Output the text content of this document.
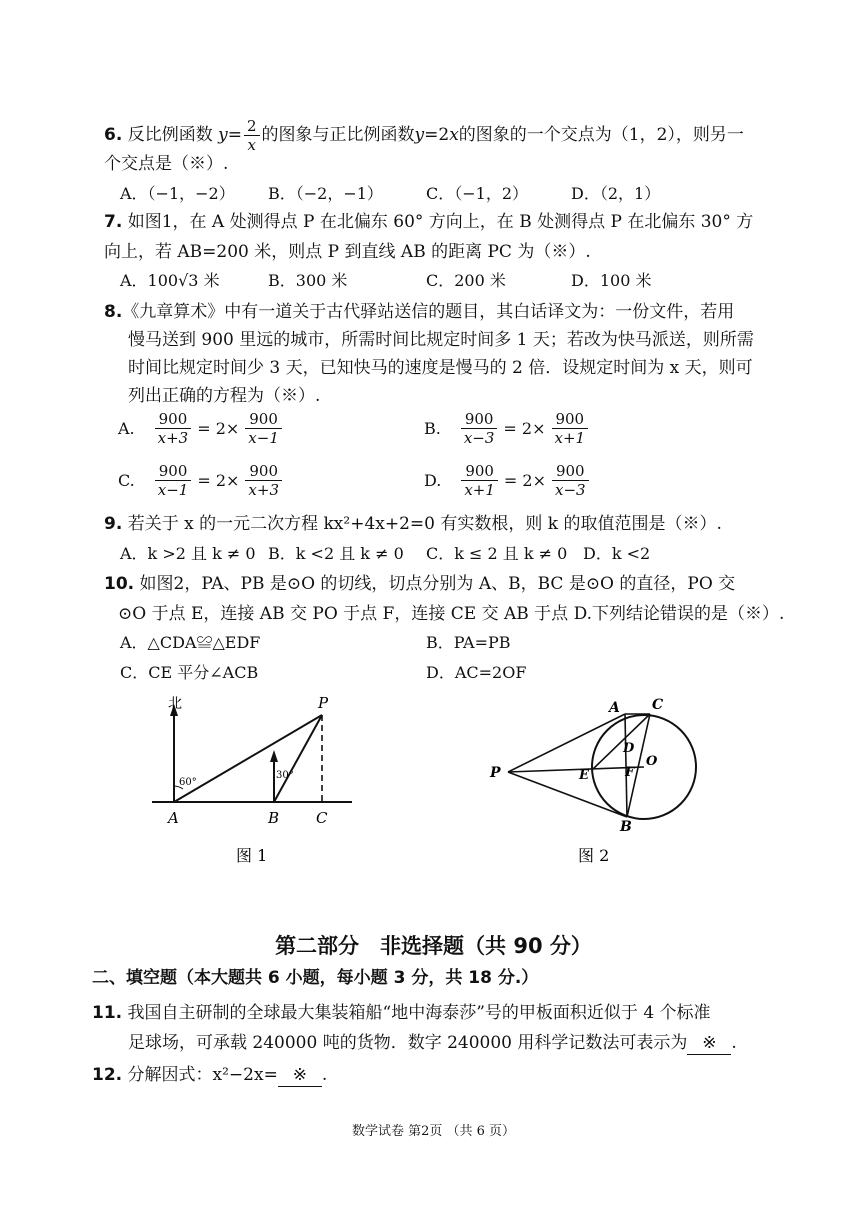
6. 反比例函数 $y= \frac{2}{x}$ 的图象与正比例函数y=2x的图象的一个交点为（1，2），则另一
个交点是（※）.
A．（−1，−2） B．（−2，−1）	C．（−1，2）	D．（2，1）
7. 如图1，在 A 处测得点 P 在北偏东 60° 方向上，在 B 处测得点 P 在北偏东 30° 方
向上，若 AB=200 米，则点 P 到直线 AB 的距离 PC 为（※）.
A．100√3 米	B．300 米	C．200 米	D．100 米
8.《九章算术》中有一道关于古代驿站送信的题目，其白话译文为：一份文件，若用
慢马送到 900 里远的城市，所需时间比规定时间多 1 天；若改为快马派送，则所需
时间比规定时间少 3 天，已知快马的速度是慢马的 2 倍．设规定时间为 x 天，则可
列出正确的方程为（※）.
A. $\frac{900}{x+3} = 2\times \frac{900}{x-1}$	B. $\frac{900}{x-3} = 2\times \frac{900}{x+1}$
C. $\frac{900}{x-1} = 2\times \frac{900}{x+3}$	D. $\frac{900}{x+1} = 2\times \frac{900}{x-3}$
9. 若关于 x 的一元二次方程 kx²+4x+2=0 有实数根，则 k 的取值范围是（※）.
A．k >2 且 k ≠ 0 B．k <2 且 k ≠ 0 C．k ≤ 2 且 k ≠ 0 D．k <2
10. 如图2，PA、PB 是⊙O 的切线，切点分别为 A、B，BC 是⊙O 的直径，PO 交
⊙O 于点 E，连接 AB 交 PO 于点 F，连接 CE 交 AB 于点 D.下列结论错误的是（※）.
A．△CDA≌△EDF	B．PA=PB
C．CE 平分∠ACB	D．AC=2OF
北
60°
30°
P
A	B C
图 1
P
A C
D
E	F
O
B
图 2
第二部分　非选择题（共 90 分）
二、填空题（本大题共 6 小题，每小题 3 分，共 18 分.）
11. 我国自主研制的全球最大集装箱船“地中海泰莎”号的甲板面积近似于 4 个标准
足球场，可承载 240000 吨的货物．数字 240000 用科学记数法可表示为 ※ .
12. 分解因式：x²−2x= ※ .
数学试卷 第2页 （共 6 页）
